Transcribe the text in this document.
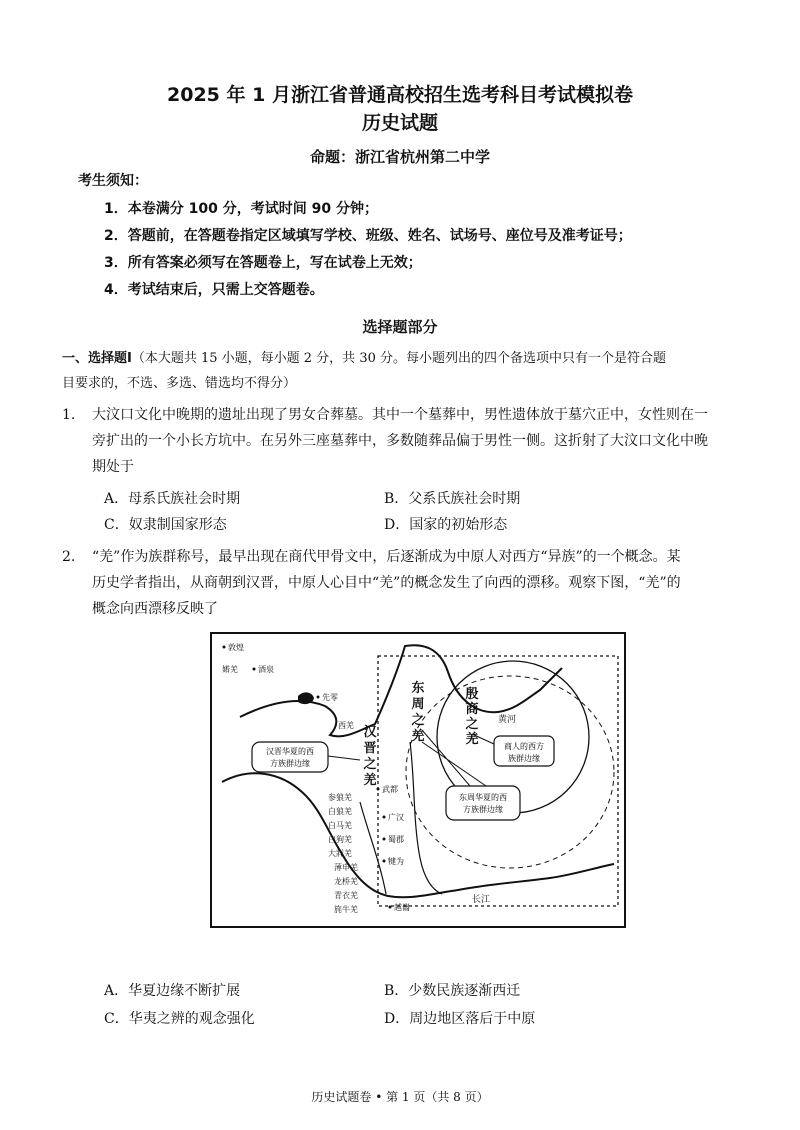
2025 年 1 月浙江省普通高校招生选考科目考试模拟卷
历史试题
命题：浙江省杭州第二中学
考生须知：
1．本卷满分 100 分，考试时间 90 分钟；
2．答题前，在答题卷指定区域填写学校、班级、姓名、试场号、座位号及准考证号；
3．所有答案必须写在答题卷上，写在试卷上无效；
4．考试结束后，只需上交答题卷。
选择题部分
一、选择题Ⅰ（本大题共 15 小题，每小题 2 分，共 30 分。每小题列出的四个备选项中只有一个是符合题
目要求的，不选、多选、错选均不得分）
1. 大汶口文化中晚期的遗址出现了男女合葬墓。其中一个墓葬中，男性遗体放于墓穴正中，女性则在一
旁扩出的一个小长方坑中。在另外三座墓葬中，多数随葬品偏于男性一侧。这折射了大汶口文化中晚
期处于
A．母系氏族社会时期	B．父系氏族社会时期
C．奴隶制国家形态	D．国家的初始形态
2. “羌”作为族群称号，最早出现在商代甲骨文中，后逐渐成为中原人对西方“异族”的一个概念。某
历史学者指出，从商朝到汉晋，中原人心目中“羌”的概念发生了向西的漂移。观察下图，“羌”的
概念向西漂移反映了
敦煌
婼羌	酒泉
先零
西羌
武都
广汉
蜀郡
犍为
越巂
长江
黄河
殷商之羌
东周之羌
汉晋之羌
参狼羌
白狼羌
白马羌
白狗羌
大牂羌
薄申羌
龙桥羌
青衣羌
旄牛羌
汉晋华夏的西
方族群边缘
东周华夏的西
方族群边缘
商人的西方
族群边缘
A．华夏边缘不断扩展	B．少数民族逐渐西迁
C．华夷之辨的观念强化	D．周边地区落后于中原
历史试题卷 • 第 1 页（共 8 页）
